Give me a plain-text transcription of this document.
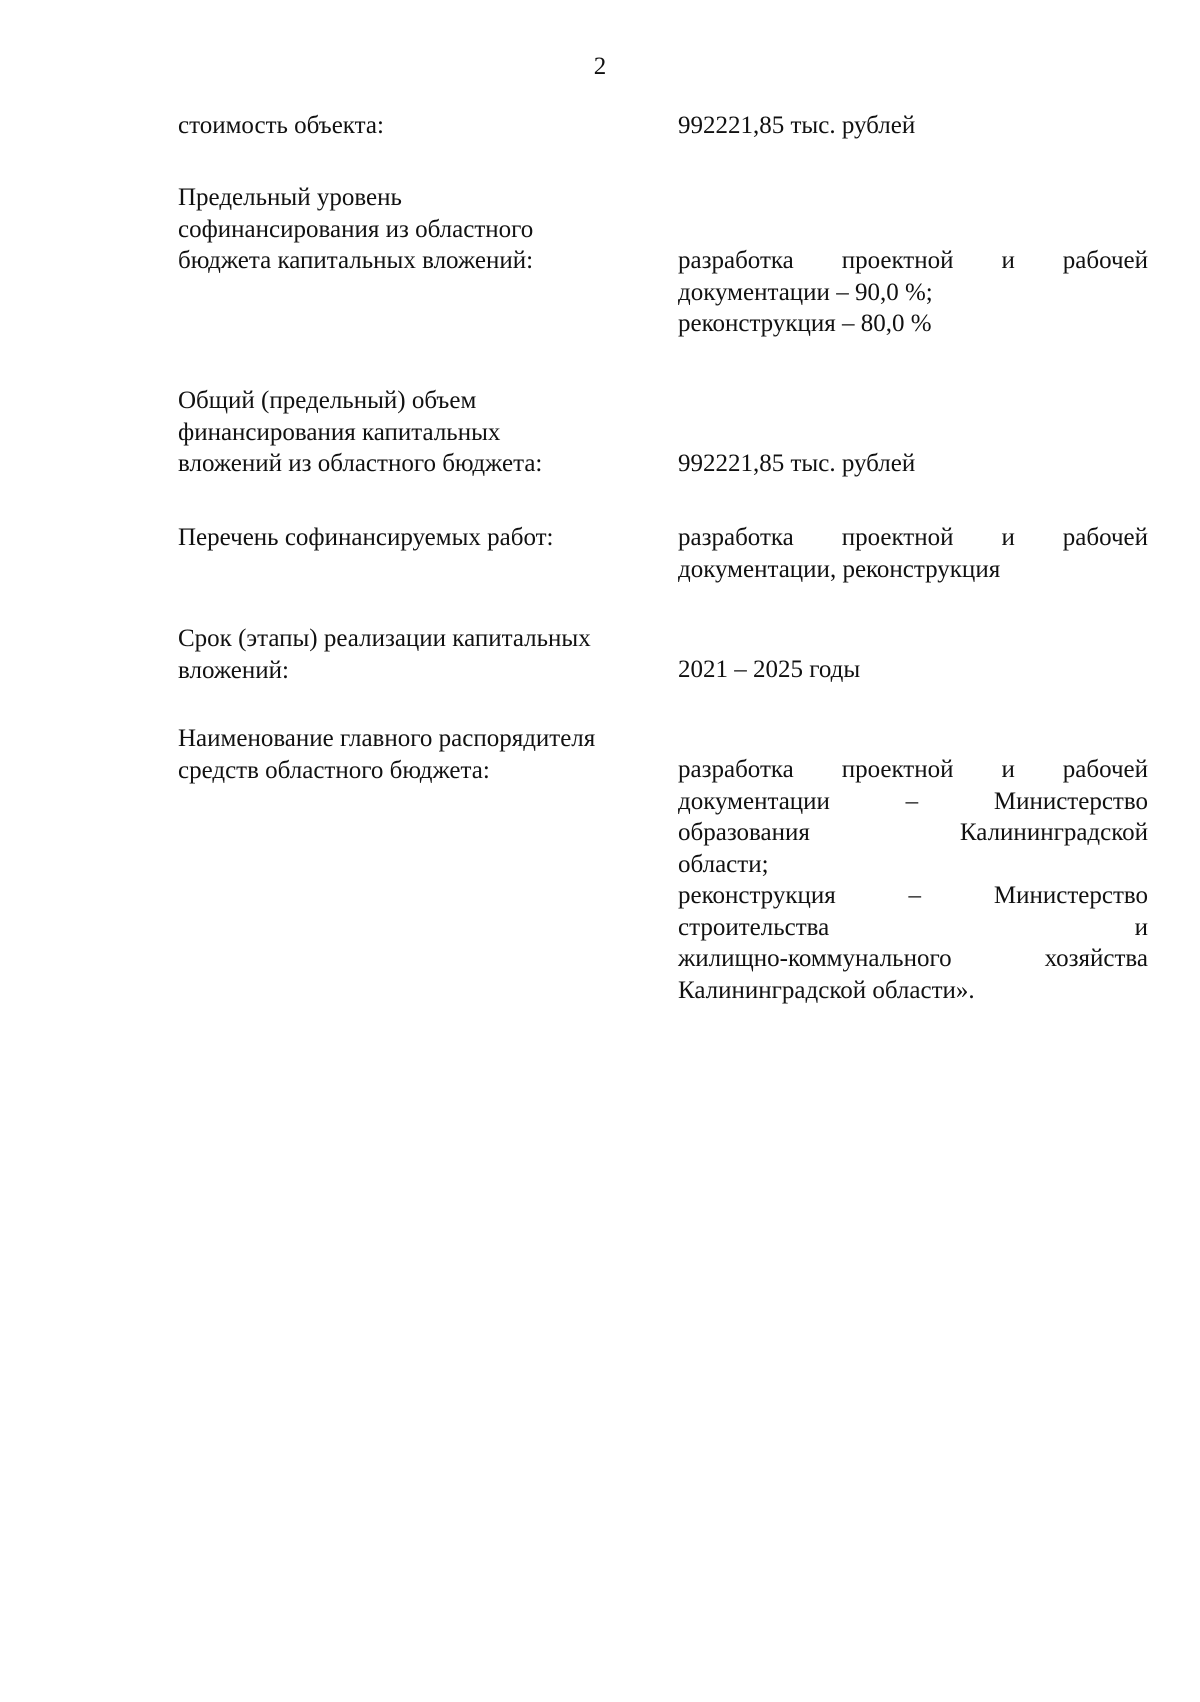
2
стоимость объекта:	992221,85 тыс. рублей
Предельный уровень
софинансирования из областного
бюджета капитальных вложений:	разработка проектной и рабочей
документации – 90,0 %;
реконструкция – 80,0 %
Общий (предельный) объем
финансирования капитальных
вложений из областного бюджета:	992221,85 тыс. рублей
Перечень софинансируемых работ:	разработка проектной и рабочей
документации, реконструкция
Срок (этапы) реализации капитальных
вложений:	2021 – 2025 годы
Наименование главного распорядителя
средств областного бюджета:	разработка проектной и рабочей
документации – Министерство
образования Калининградской
области;
реконструкция – Министерство
строительства и
жилищно-коммунального хозяйства
Калининградской области».
